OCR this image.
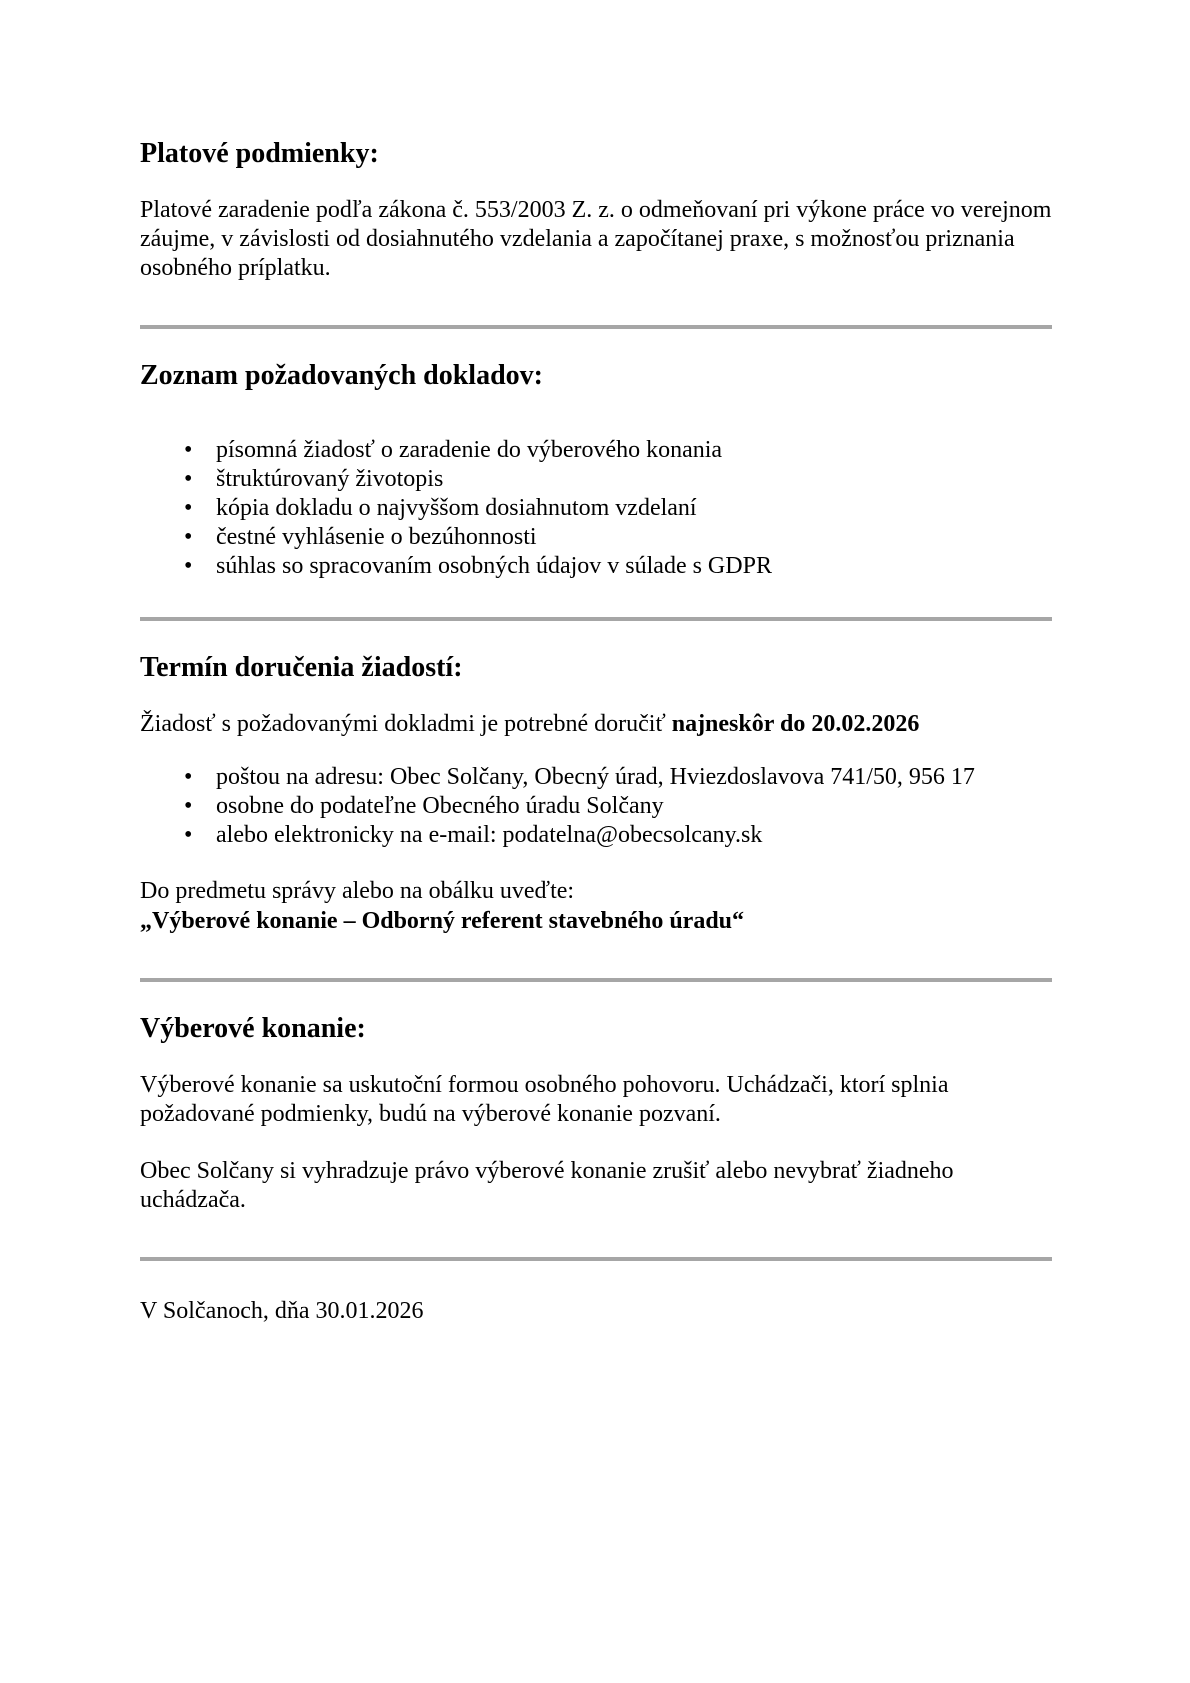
Platové podmienky:

Platové zaradenie podľa zákona č. 553/2003 Z. z. o odmeňovaní pri výkone práce vo verejnom záujme, v závislosti od dosiahnutého vzdelania a započítanej praxe, s možnosťou priznania osobného príplatku.

Zoznam požadovaných dokladov:
• písomná žiadosť o zaradenie do výberového konania
• štruktúrovaný životopis
• kópia dokladu o najvyššom dosiahnutom vzdelaní
• čestné vyhlásenie o bezúhonnosti
• súhlas so spracovaním osobných údajov v súlade s GDPR
Termín doručenia žiadostí:

Žiadosť s požadovanými dokladmi je potrebné doručiť najneskôr do 20.02.2026

• poštou na adresu: Obec Solčany, Obecný úrad, Hviezdoslavova 741/50, 956 17
• osobne do podateľne Obecného úradu Solčany
• alebo elektronicky na e-mail: podatelna@obecsolcany.sk
Do predmetu správy alebo na obálku uveďte:
„Výberové konanie – Odborný referent stavebného úradu“
Výberové konanie:

Výberové konanie sa uskutoční formou osobného pohovoru. Uchádzači, ktorí splnia požadované podmienky, budú na výberové konanie pozvaní.

Obec Solčany si vyhradzuje právo výberové konanie zrušiť alebo nevybrať žiadneho uchádzača.

V Solčanoch, dňa 30.01.2026
